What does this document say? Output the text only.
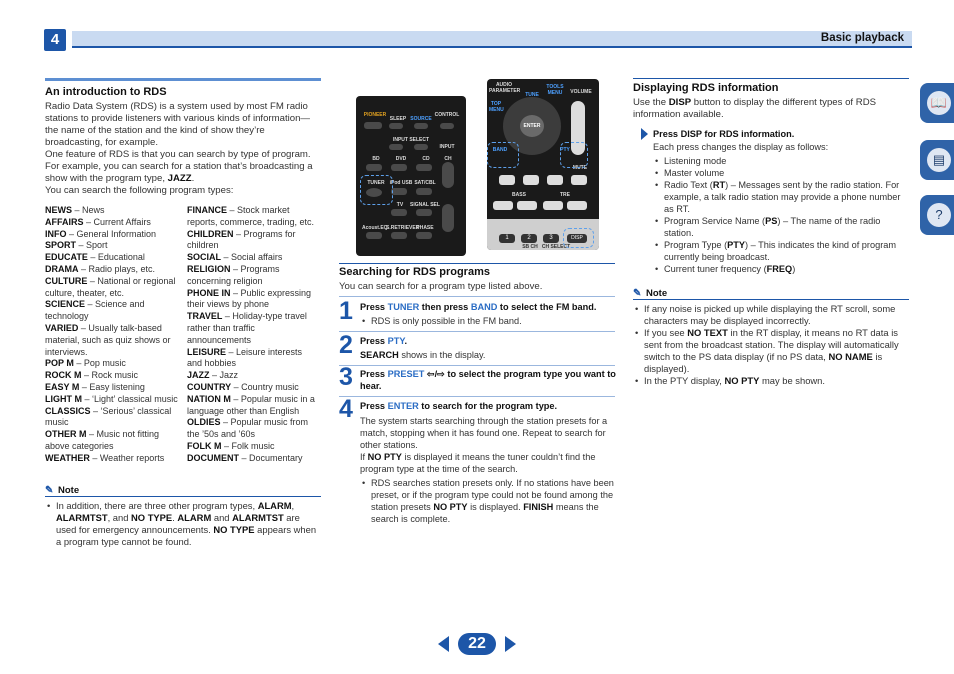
4	Basic playback
An introduction to RDS

Radio Data System (RDS) is a system used by most FM radio stations to provide listeners with various kinds of information—the name of the station and the kind of show they’re broadcasting, for example.

One feature of RDS is that you can search by type of program. For example, you can search for a station that’s broadcasting a show with the program type, JAZZ.

You can search the following program types:

NEWS – News
AFFAIRS – Current Affairs
INFO – General Information
SPORT – Sport
EDUCATE – Educational
DRAMA – Radio plays, etc.
CULTURE – National or regional culture, theater, etc.
SCIENCE – Science and technology
VARIED – Usually talk-based material, such as quiz shows or interviews.
POP M – Pop music
ROCK M – Rock music
EASY M – Easy listening
LIGHT M – ‘Light’ classical music
CLASSICS – ‘Serious’ classical music
OTHER M – Music not fitting above categories
WEATHER – Weather reports
FINANCE – Stock market reports, commerce, trading, etc.
CHILDREN – Programs for children
SOCIAL – Social affairs
RELIGION – Programs concerning religion
PHONE IN – Public expressing their views by phone
TRAVEL – Holiday-type travel rather than traffic announcements
LEISURE – Leisure interests and hobbies
JAZZ – Jazz
COUNTRY – Country music
NATION M – Popular music in a language other than English
OLDIES – Popular music from the ’50s and ’60s
FOLK M – Folk music
DOCUMENT – Documentary
✎ Note
• In addition, there are three other program types, ALARM, ALARMTST, and NO TYPE. ALARM and ALARMTST are used for emergency announcements. NO TYPE appears when a program type cannot be found.
PIONEER
SOURCE
SLEEP
CONTROL
INPUT SELECT
INPUT
BD	DVD	CD	CH
TUNER	iPod USB SAT/CBL
TV	SIGNAL SEL
Acoust.EQ
S.RETRIEVER
PHASE
AUDIO PARAMETER
TOOLS MENU	VOLUME
TUNE
ENTER
TOP MENU
BAND	PTY
MUTE
BASS	TRE
1	2	3	DISP
SB CH CH SELECT
Searching for RDS programs
You can search for a program type listed above.
1 Press TUNER then press BAND to select the FM band.

• RDS is only possible in the FM band.
2 Press PTY.

SEARCH shows in the display.

3 Press PRESET ⇦/⇨ to select the program type you want to hear.

4 Press ENTER to search for the program type.

The system starts searching through the station presets for a match, stopping when it has found one. Repeat to search for other stations.

If NO PTY is displayed it means the tuner couldn’t find the program type at the time of the search.

• RDS searches station presets only. If no stations have been preset, or if the program type could not be found among the station presets NO PTY is displayed. FINISH means the search is complete.
Displaying RDS information
Use the DISP button to display the different types of RDS information available.

Press DISP for RDS information.

Each press changes the display as follows:

• Listening mode
• Master volume
• Radio Text (RT) – Messages sent by the radio station. For example, a talk radio station may provide a phone number as RT.
• Program Service Name (PS) – The name of the radio station.
• Program Type (PTY) – This indicates the kind of program currently being broadcast.
• Current tuner frequency (FREQ)
✎ Note
• If any noise is picked up while displaying the RT scroll, some characters may be displayed incorrectly.
• If you see NO TEXT in the RT display, it means no RT data is sent from the broadcast station. The display will automatically switch to the PS data display (if no PS data, NO NAME is displayed).
• In the PTY display, NO PTY may be shown.
📖
▤
?
22
